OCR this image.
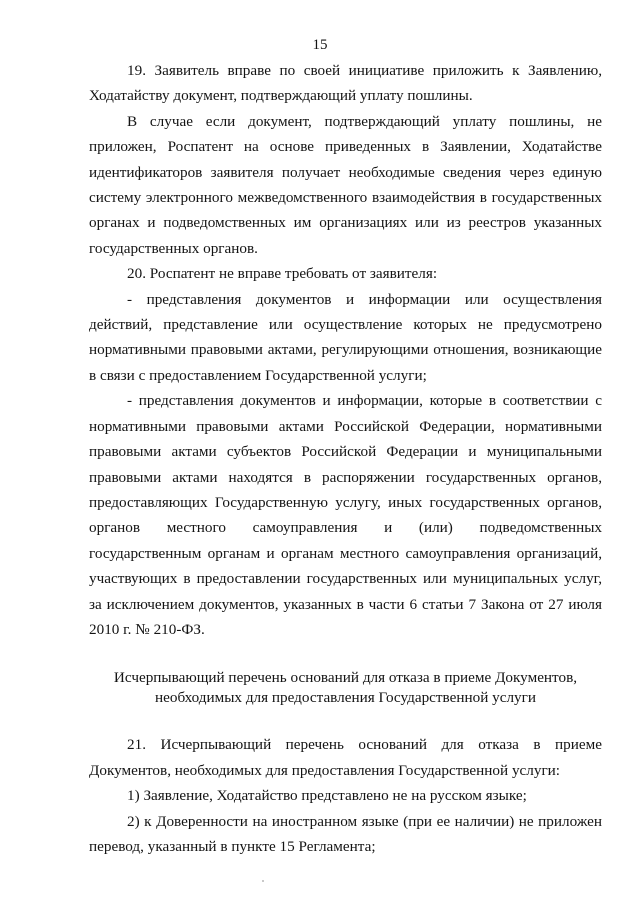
15

19. Заявитель вправе по своей инициативе приложить к Заявлению, Ходатайству документ, подтверждающий уплату пошлины.

В случае если документ, подтверждающий уплату пошлины, не приложен, Роспатент на основе приведенных в Заявлении, Ходатайстве идентификаторов заявителя получает необходимые сведения через единую систему электронного межведомственного взаимодействия в государственных органах и подведомственных им организациях или из реестров указанных государственных органов.

20. Роспатент не вправе требовать от заявителя:

- представления документов и информации или осуществления действий, представление или осуществление которых не предусмотрено нормативными правовыми актами, регулирующими отношения, возникающие в связи с предоставлением Государственной услуги;

- представления документов и информации, которые в соответствии с нормативными правовыми актами Российской Федерации, нормативными правовыми актами субъектов Российской Федерации и муниципальными правовыми актами находятся в распоряжении государственных органов, предоставляющих Государственную услугу, иных государственных органов, органов местного самоуправления и (или) подведомственных государственным органам и органам местного самоуправления организаций, участвующих в предоставлении государственных или муниципальных услуг, за исключением документов, указанных в части 6 статьи 7 Закона от 27 июля 2010 г. № 210-ФЗ.

Исчерпывающий перечень оснований для отказа в приеме Документов,
необходимых для предоставления Государственной услуги

21. Исчерпывающий перечень оснований для отказа в приеме Документов, необходимых для предоставления Государственной услуги:

1) Заявление, Ходатайство представлено не на русском языке;

2) к Доверенности на иностранном языке (при ее наличии) не приложен перевод, указанный в пункте 15 Регламента;
